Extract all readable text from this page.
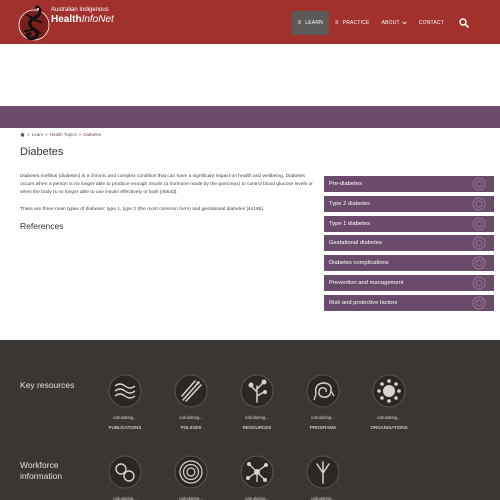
Australian Indigenous
HealthInfoNet	≡ LEARN ≡ PRACTICE ABOUT	CONTACT
> Learn > Health Topics > Diabetes
Diabetes

Diabetes mellitus (diabetes) is a chronic and complex condition that can have a significant impact on health and wellbeing. Diabetes occurs when a person is no longer able to produce enough insulin (a hormone made by the pancreas) to control blood glucose levels or when the body is no longer able to use insulin effectively or both [45543].

There are three main types of diabetes: type 1, type 2 (the most common form) and gestational diabetes [44185].

References
Pre-diabetes
Type 2 diabetes
Type 1 diabetes
Gestational diabetes
Diabetes complications
Prevention and management
Risk and protective factors
Key resources
calculating...
PUBLICATIONS
calculating...
POLICIES
calculating...
RESOURCES
calculating...
PROGRAMS
calculating...
ORGANISATIONS
Workforce
information
calculating...	calculating...	calculating...	calculating...
